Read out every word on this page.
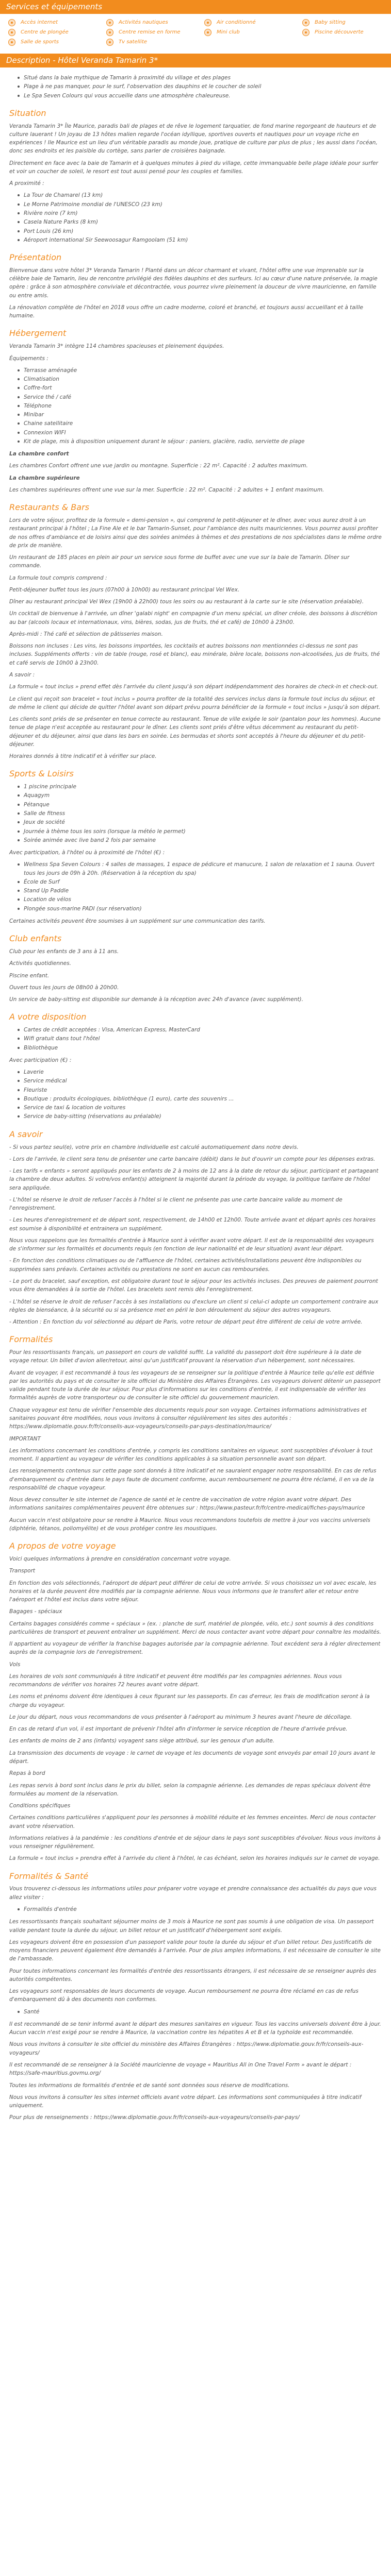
Services et équipements
Accès internet	Activités nautiques	Air conditionné	Baby sitting
Centre de plongée	Centre remise en forme	Mini club	Piscine découverte
Salle de sports	Tv satellite
Description - Hôtel Veranda Tamarin 3*
Situé dans la baie mythique de Tamarin à proximité du village et des plages
Plage à ne pas manquer, pour le surf, l'observation des dauphins et le coucher de soleil
Le Spa Seven Colours qui vous accueille dans une atmosphère chaleureuse.
Situation

Veranda Tamarin 3* Île Maurice, paradis bali de plages et de rêve le logement tarquatier, de fond marine regorgeant de hauteurs et de culture lauerant ! Un joyau de 13 hôtes malien regarde l'océan idyllique, sportives ouverts et nautiques pour un voyage riche en expériences ! Ile Maurice est un lieu d'un véritable paradis au monde joue, pratique de culture par plus de plus ; les aussi dans l'océan, donc ses endroits et les paisible du cortège, sans parler de croisières baignade.

Directement en face avec la baie de Tamarin et à quelques minutes à pied du village, cette immanquable belle plage idéale pour surfer et voir un coucher de soleil, le resort est tout aussi pensé pour les couples et familles.

A proximité :

La Tour de Chamarel (13 km)
Le Morne Patrimoine mondial de l'UNESCO (23 km)
Rivière noire (7 km)
Casela Nature Parks (8 km)
Port Louis (26 km)
Aéroport international Sir Seewoosagur Ramgoolam (51 km)
Présentation

Bienvenue dans votre hôtel 3* Veranda Tamarin ! Planté dans un décor charmant et vivant, l'hôtel offre une vue imprenable sur la célèbre baie de Tamarin, lieu de rencontre privilégié des fidèles dauphins et des surfeurs. Ici au cœur d'une nature préservée, la magie opère : grâce à son atmosphère conviviale et décontractée, vous pourrez vivre pleinement la douceur de vivre mauricienne, en famille ou entre amis.

La rénovation complète de l'hôtel en 2018 vous offre un cadre moderne, coloré et branché, et toujours aussi accueillant et à taille humaine.

Hébergement

Veranda Tamarin 3* intègre 114 chambres spacieuses et pleinement équipées.

Équipements :

Terrasse aménagée
Climatisation
Coffre-fort
Service thé / café
Téléphone
Minibar
Chaine satellitaire
Connexion WIFI
Kit de plage, mis à disposition uniquement durant le séjour : paniers, glacière, radio, serviette de plage

La chambre confort

Les chambres Confort offrent une vue jardin ou montagne. Superficie : 22 m². Capacité : 2 adultes maximum.

La chambre supérieure

Les chambres supérieures offrent une vue sur la mer. Superficie : 22 m². Capacité : 2 adultes + 1 enfant maximum.

Restaurants & Bars

Lors de votre séjour, profitez de la formule « demi-pension », qui comprend le petit-déjeuner et le dîner, avec vous aurez droit à un restaurant principal à l'hôtel ; La Fine Ale et le bar Tamarin-Sunset, pour l'ambiance des nuits mauriciennes. Vous pourrez aussi profiter de nos offres d'ambiance et de loisirs ainsi que des soirées animées à thèmes et des prestations de nos spécialistes dans le même ordre de prix de manière.

Un restaurant de 185 places en plein air pour un service sous forme de buffet avec une vue sur la baie de Tamarin. Dîner sur commande.

La formule tout compris comprend :

Petit-déjeuner buffet tous les jours (07h00 à 10h00) au restaurant principal Vel Wex.

Dîner au restaurant principal Vel Wex (19h00 à 22h00) tous les soirs ou au restaurant à la carte sur le site (réservation préalable).

Un cocktail de bienvenue à l'arrivée, un dîner 'galabi night' en compagnie d'un menu spécial, un dîner créole, des boissons à discrétion au bar (alcools locaux et internationaux, vins, bières, sodas, jus de fruits, thé et café) de 10h00 à 23h00.

Après-midi : Thé café et sélection de pâtisseries maison.

Boissons non incluses : Les vins, les boissons importées, les cocktails et autres boissons non mentionnées ci-dessus ne sont pas incluses. Suppléments offerts : vin de table (rouge, rosé et blanc), eau minérale, bière locale, boissons non-alcoolisées, jus de fruits, thé et café servis de 10h00 à 23h00.

A savoir :

La formule « tout inclus » prend effet dès l'arrivée du client jusqu'à son départ indépendamment des horaires de check-in et check-out.

Le client qui reçoit son bracelet « tout inclus » pourra profiter de la totalité des services inclus dans la formule tout inclus du séjour, et de même le client qui décide de quitter l'hôtel avant son départ prévu pourra bénéficier de la formule « tout inclus » jusqu'à son départ.

Les clients sont priés de se présenter en tenue correcte au restaurant. Tenue de ville exigée le soir (pantalon pour les hommes). Aucune tenue de plage n'est acceptée au restaurant pour le dîner. Les clients sont priés d'être vêtus décemment au restaurant du petit-déjeuner et du déjeuner, ainsi que dans les bars en soirée. Les bermudas et shorts sont acceptés à l'heure du déjeuner et du petit-déjeuner.

Horaires donnés à titre indicatif et à vérifier sur place.

Sports & Loisirs
1 piscine principale
Aquagym
Pétanque
Salle de fitness
Jeux de société
Journée à thème tous les soirs (lorsque la météo le permet)
Soirée animée avec live band 2 fois par semaine

Avec participation, à l'hôtel ou à proximité de l'hôtel (€) :

Wellness Spa Seven Colours : 4 salles de massages, 1 espace de pédicure et manucure, 1 salon de relaxation et 1 sauna. Ouvert tous les jours de 09h à 20h. (Réservation à la réception du spa)
École de Surf
Stand Up Paddle
Location de vélos
Plongée sous-marine PADI (sur réservation)

Certaines activités peuvent être soumises à un supplément sur une communication des tarifs.

Club enfants

Club pour les enfants de 3 ans à 11 ans.

Activités quotidiennes.

Piscine enfant.

Ouvert tous les jours de 08h00 à 20h00.

Un service de baby-sitting est disponible sur demande à la réception avec 24h d'avance (avec supplément).

A votre disposition
Cartes de crédit acceptées : Visa, American Express, MasterCard
Wifi gratuit dans tout l'hôtel
Bibliothèque

Avec participation (€) :

Laverie
Service médical
Fleuriste
Boutique : produits écologiques, bibliothèque (1 euro), carte des souvenirs ...
Service de taxi & location de voitures
Service de baby-sitting (réservations au préalable)
A savoir

- Si vous partez seul(e), votre prix en chambre individuelle est calculé automatiquement dans notre devis.

- Lors de l'arrivée, le client sera tenu de présenter une carte bancaire (débit) dans le but d'ouvrir un compte pour les dépenses extras.

- Les tarifs « enfants » seront appliqués pour les enfants de 2 à moins de 12 ans à la date de retour du séjour, participant et partageant la chambre de deux adultes. Si votre/vos enfant(s) atteignent la majorité durant la période du voyage, la politique tarifaire de l'hôtel sera appliquée.

- L'hôtel se réserve le droit de refuser l'accès à l'hôtel si le client ne présente pas une carte bancaire valide au moment de l'enregistrement.

- Les heures d'enregistrement et de départ sont, respectivement, de 14h00 et 12h00. Toute arrivée avant et départ après ces horaires est soumise à disponibilité et entrainera un supplément.

Nous vous rappelons que les formalités d'entrée à Maurice sont à vérifier avant votre départ. Il est de la responsabilité des voyageurs de s'informer sur les formalités et documents requis (en fonction de leur nationalité et de leur situation) avant leur départ.

- En fonction des conditions climatiques ou de l'affluence de l'hôtel, certaines activités/installations peuvent être indisponibles ou supprimées sans préavis. Certaines activités ou prestations ne sont en aucun cas remboursées.

- Le port du bracelet, sauf exception, est obligatoire durant tout le séjour pour les activités incluses. Des preuves de paiement pourront vous être demandées à la sortie de l'hôtel. Les bracelets sont remis dès l'enregistrement.

- L'hôtel se réserve le droit de refuser l'accès à ses installations ou d'exclure un client si celui-ci adopte un comportement contraire aux règles de bienséance, à la sécurité ou si sa présence met en péril le bon déroulement du séjour des autres voyageurs.

- Attention : En fonction du vol sélectionné au départ de Paris, votre retour de départ peut être différent de celui de votre arrivée.

Formalités

Pour les ressortissants français, un passeport en cours de validité suffit. La validité du passeport doit être supérieure à la date de voyage retour. Un billet d'avion aller/retour, ainsi qu'un justificatif prouvant la réservation d'un hébergement, sont nécessaires.

Avant de voyager, il est recommandé à tous les voyageurs de se renseigner sur la politique d'entrée à Maurice telle qu'elle est définie par les autorités du pays et de consulter le site officiel du Ministère des Affaires Étrangères. Les voyageurs doivent détenir un passeport valide pendant toute la durée de leur séjour. Pour plus d'informations sur les conditions d'entrée, il est indispensable de vérifier les formalités auprès de votre transporteur ou de consulter le site officiel du gouvernement mauricien.

Chaque voyageur est tenu de vérifier l'ensemble des documents requis pour son voyage. Certaines informations administratives et sanitaires pouvant être modifiées, nous vous invitons à consulter régulièrement les sites des autorités : https://www.diplomatie.gouv.fr/fr/conseils-aux-voyageurs/conseils-par-pays-destination/maurice/

IMPORTANT

Les informations concernant les conditions d'entrée, y compris les conditions sanitaires en vigueur, sont susceptibles d'évoluer à tout moment. Il appartient au voyageur de vérifier les conditions applicables à sa situation personnelle avant son départ.

Les renseignements contenus sur cette page sont donnés à titre indicatif et ne sauraient engager notre responsabilité. En cas de refus d'embarquement ou d'entrée dans le pays faute de document conforme, aucun remboursement ne pourra être réclamé, il en va de la responsabilité de chaque voyageur.

Nous devez consulter le site internet de l'agence de santé et le centre de vaccination de votre région avant votre départ. Des informations sanitaires complémentaires peuvent être obtenues sur : https://www.pasteur.fr/fr/centre-medical/fiches-pays/maurice

Aucun vaccin n'est obligatoire pour se rendre à Maurice. Nous vous recommandons toutefois de mettre à jour vos vaccins universels (diphtérie, tétanos, poliomyélite) et de vous protéger contre les moustiques.

A propos de votre voyage

Voici quelques informations à prendre en considération concernant votre voyage.

Transport

En fonction des vols sélectionnés, l'aéroport de départ peut différer de celui de votre arrivée. Si vous choisissez un vol avec escale, les horaires et la durée peuvent être modifiés par la compagnie aérienne. Nous vous informons que le transfert aller et retour entre l'aéroport et l'hôtel est inclus dans votre séjour.

Bagages - spéciaux

Certains bagages considérés comme « spéciaux » (ex. : planche de surf, matériel de plongée, vélo, etc.) sont soumis à des conditions particulières de transport et peuvent entraîner un supplément. Merci de nous contacter avant votre départ pour connaître les modalités.

Il appartient au voyageur de vérifier la franchise bagages autorisée par la compagnie aérienne. Tout excédent sera à régler directement auprès de la compagnie lors de l'enregistrement.

Vols

Les horaires de vols sont communiqués à titre indicatif et peuvent être modifiés par les compagnies aériennes. Nous vous recommandons de vérifier vos horaires 72 heures avant votre départ.

Les noms et prénoms doivent être identiques à ceux figurant sur les passeports. En cas d'erreur, les frais de modification seront à la charge du voyageur.

Le jour du départ, nous vous recommandons de vous présenter à l'aéroport au minimum 3 heures avant l'heure de décollage.

En cas de retard d'un vol, il est important de prévenir l'hôtel afin d'informer le service réception de l'heure d'arrivée prévue.

Les enfants de moins de 2 ans (infants) voyagent sans siège attribué, sur les genoux d'un adulte.

La transmission des documents de voyage : le carnet de voyage et les documents de voyage sont envoyés par email 10 jours avant le départ.

Repas à bord

Les repas servis à bord sont inclus dans le prix du billet, selon la compagnie aérienne. Les demandes de repas spéciaux doivent être formulées au moment de la réservation.

Conditions spécifiques

Certaines conditions particulières s'appliquent pour les personnes à mobilité réduite et les femmes enceintes. Merci de nous contacter avant votre réservation.

Informations relatives à la pandémie : les conditions d'entrée et de séjour dans le pays sont susceptibles d'évoluer. Nous vous invitons à vous renseigner régulièrement.

La formule « tout inclus » prendra effet à l'arrivée du client à l'hôtel, le cas échéant, selon les horaires indiqués sur le carnet de voyage.

Formalités & Santé

Vous trouverez ci-dessous les informations utiles pour préparer votre voyage et prendre connaissance des actualités du pays que vous allez visiter :

Formalités d'entrée

Les ressortissants français souhaitant séjourner moins de 3 mois à Maurice ne sont pas soumis à une obligation de visa. Un passeport valide pendant toute la durée du séjour, un billet retour et un justificatif d'hébergement sont exigés.

Les voyageurs doivent être en possession d'un passeport valide pour toute la durée du séjour et d'un billet retour. Des justificatifs de moyens financiers peuvent également être demandés à l'arrivée. Pour de plus amples informations, il est nécessaire de consulter le site de l'ambassade.

Pour toutes informations concernant les formalités d'entrée des ressortissants étrangers, il est nécessaire de se renseigner auprès des autorités compétentes.

Les voyageurs sont responsables de leurs documents de voyage. Aucun remboursement ne pourra être réclamé en cas de refus d'embarquement dû à des documents non conformes.

Santé

Il est recommandé de se tenir informé avant le départ des mesures sanitaires en vigueur. Tous les vaccins universels doivent être à jour. Aucun vaccin n'est exigé pour se rendre à Maurice, la vaccination contre les hépatites A et B et la typhoïde est recommandée.

Nous vous invitons à consulter le site officiel du ministère des Affaires Étrangères : https://www.diplomatie.gouv.fr/fr/conseils-aux-voyageurs/

Il est recommandé de se renseigner à la Société mauricienne de voyage « Mauritius All in One Travel Form » avant le départ : https://safe-mauritius.govmu.org/

Toutes les informations de formalités d'entrée et de santé sont données sous réserve de modifications.

Nous vous invitons à consulter les sites internet officiels avant votre départ. Les informations sont communiquées à titre indicatif uniquement.

Pour plus de renseignements : https://www.diplomatie.gouv.fr/fr/conseils-aux-voyageurs/conseils-par-pays/
